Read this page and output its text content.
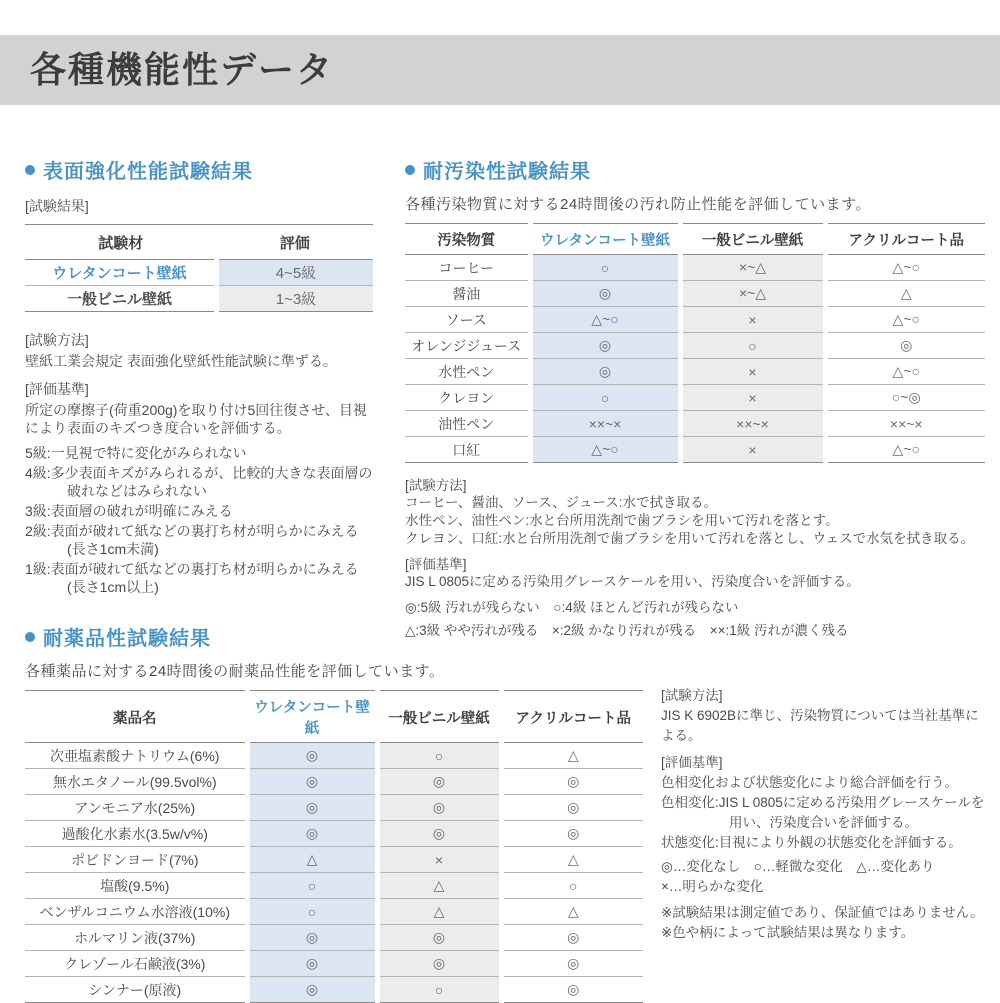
各種機能性データ
表面強化性能試験結果
[試験結果]
試験材	評価
ウレタンコート壁紙	4~5級
一般ビニル壁紙	1~3級
[試験方法]
壁紙工業会規定 表面強化壁紙性能試験に準ずる。
[評価基準]
所定の摩擦子(荷重200g)を取り付け5回往復させ、目視により表面のキズつき度合いを評価する。
5級:一見視で特に変化がみられない
4級:多少表面キズがみられるが、比較的大きな表面層の破れなどはみられない
3級:表面層の破れが明確にみえる
2級:表面が破れて紙などの裏打ち材が明らかにみえる(長さ1cm未満)
1級:表面が破れて紙などの裏打ち材が明らかにみえる(長さ1cm以上)
耐汚染性試験結果
各種汚染物質に対する24時間後の汚れ防止性能を評価しています。
汚染物質	ウレタンコート壁紙	一般ビニル壁紙	アクリルコート品
コーヒー	○	×~△	△~○
醤油	◎	×~△	△
ソース	△~○	×	△~○
オレンジジュース	◎	○	◎
水性ペン	◎	×	△~○
クレヨン	○	×	○~◎
油性ペン	××~×	××~×	××~×
口紅	△~○	×	△~○
[試験方法]
コーヒー、醤油、ソース、ジュース:水で拭き取る。
水性ペン、油性ペン:水と台所用洗剤で歯ブラシを用いて汚れを落とす。
クレヨン、口紅:水と台所用洗剤で歯ブラシを用いて汚れを落とし、ウェスで水気を拭き取る。
[評価基準]
JIS L 0805に定める汚染用グレースケールを用い、汚染度合いを評価する。
◎:5級 汚れが残らない　○:4級 ほとんど汚れが残らない
△:3級 やや汚れが残る　×:2級 かなり汚れが残る　××:1級 汚れが濃く残る
耐薬品性試験結果
各種薬品に対する24時間後の耐薬品性能を評価しています。
薬品名	ウレタンコート壁紙	一般ビニル壁紙	アクリルコート品
次亜塩素酸ナトリウム(6%)	◎	○	△
無水エタノール(99.5vol%)	◎	◎	◎
アンモニア水(25%)	◎	◎	◎
過酸化水素水(3.5w/v%)	◎	◎	◎
ポビドンヨード(7%)	△	×	△
塩酸(9.5%)	○	△	○
ベンザルコニウム水溶液(10%)	○	△	△
ホルマリン液(37%)	◎	◎	◎
クレゾール石鹸液(3%)	◎	◎	◎
シンナー(原液)	◎	○	◎
[試験方法]
JIS K 6902Bに準じ、汚染物質については当社基準による。
[評価基準]
色相変化および状態変化により総合評価を行う。
色相変化:JIS L 0805に定める汚染用グレースケールを用い、汚染度合いを評価する。
状態変化:目視により外観の状態変化を評価する。
◎…変化なし　○…軽微な変化　△…変化あり
×…明らかな変化
※試験結果は測定値であり、保証値ではありません。
※色や柄によって試験結果は異なります。
